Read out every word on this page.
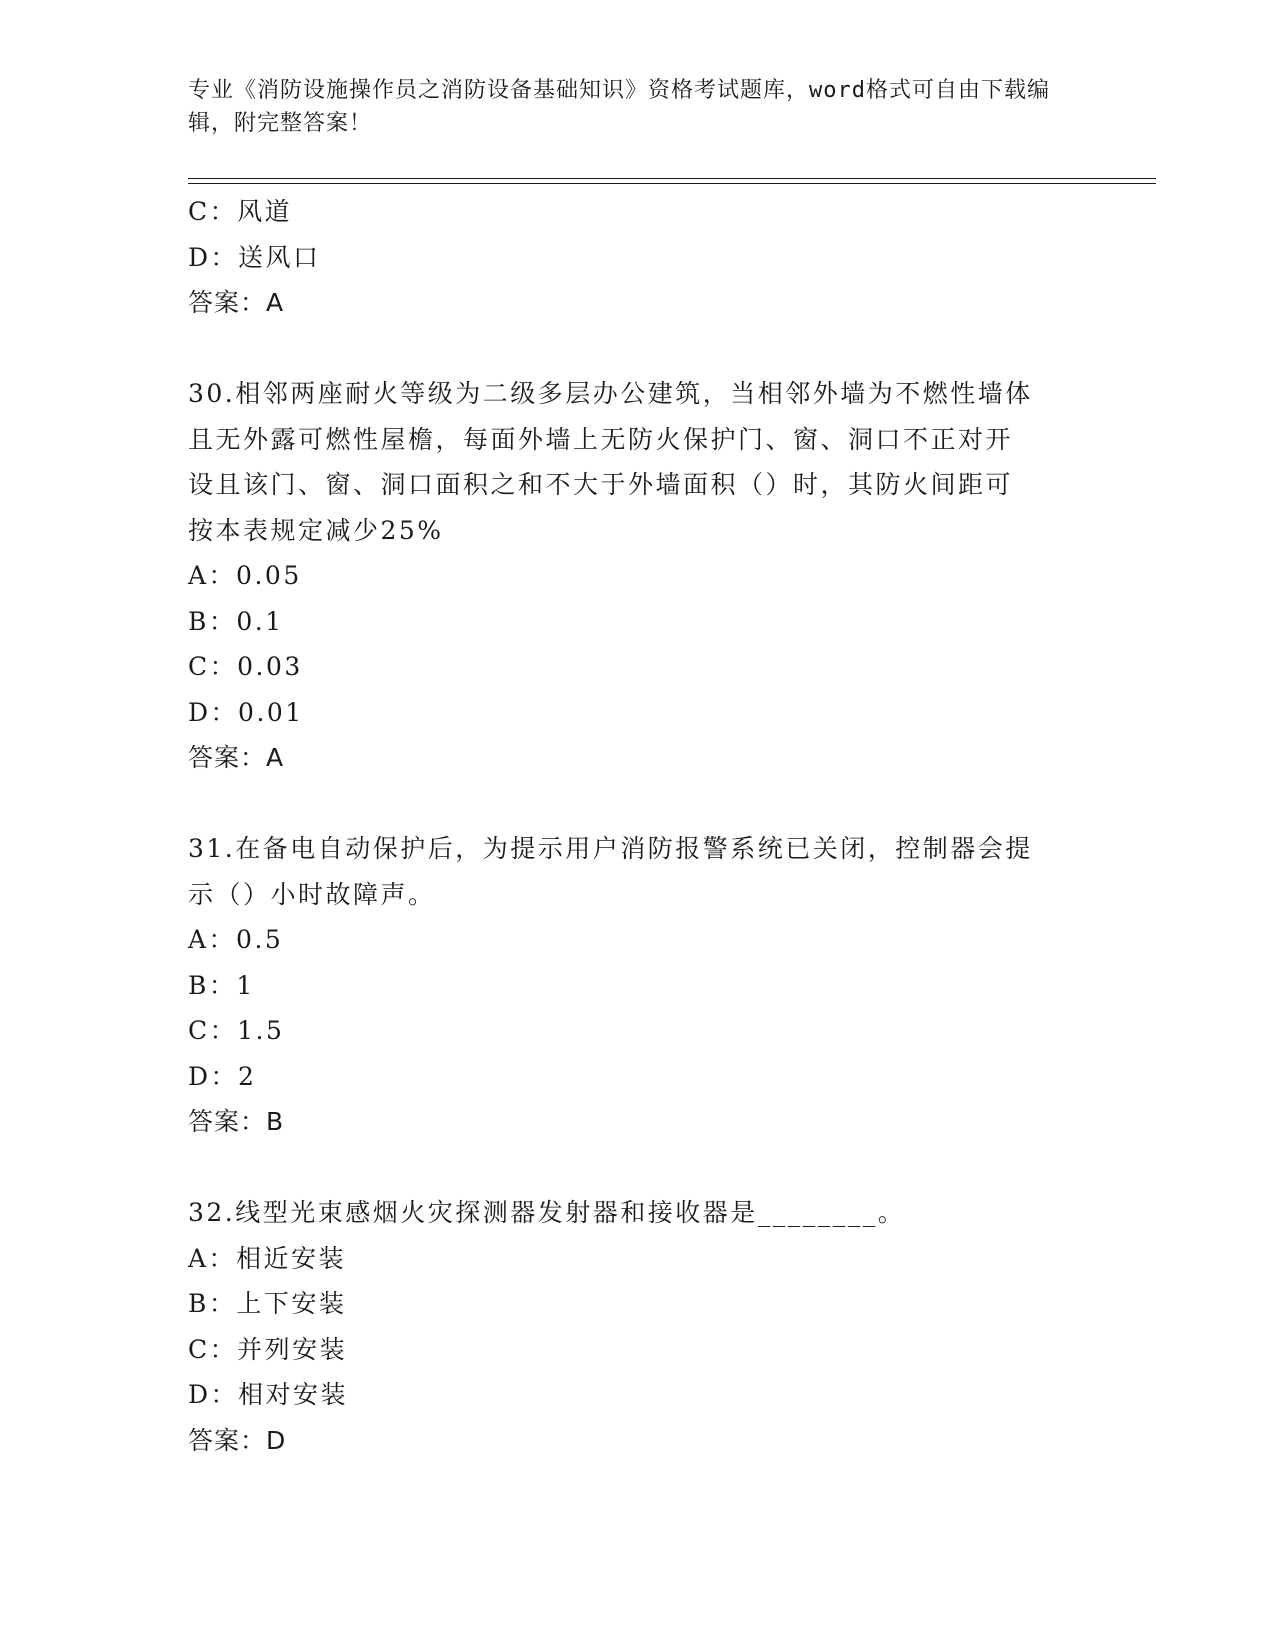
专业《消防设施操作员之消防设备基础知识》资格考试题库，word格式可自由下载编辑，附完整答案！
C：风道
D：送风口
答案：A
30.相邻两座耐火等级为二级多层办公建筑，当相邻外墙为不燃性墙体
且无外露可燃性屋檐，每面外墙上无防火保护门、窗、洞口不正对开
设且该门、窗、洞口面积之和不大于外墙面积（）时，其防火间距可
按本表规定减少25%
A：0.05
B：0.1
C：0.03
D：0.01
答案：A
31.在备电自动保护后，为提示用户消防报警系统已关闭，控制器会提
示（）小时故障声。
A：0.5
B：1
C：1.5
D：2
答案：B
32.线型光束感烟火灾探测器发射器和接收器是________。
A：相近安装
B：上下安装
C：并列安装
D：相对安装
答案：D
